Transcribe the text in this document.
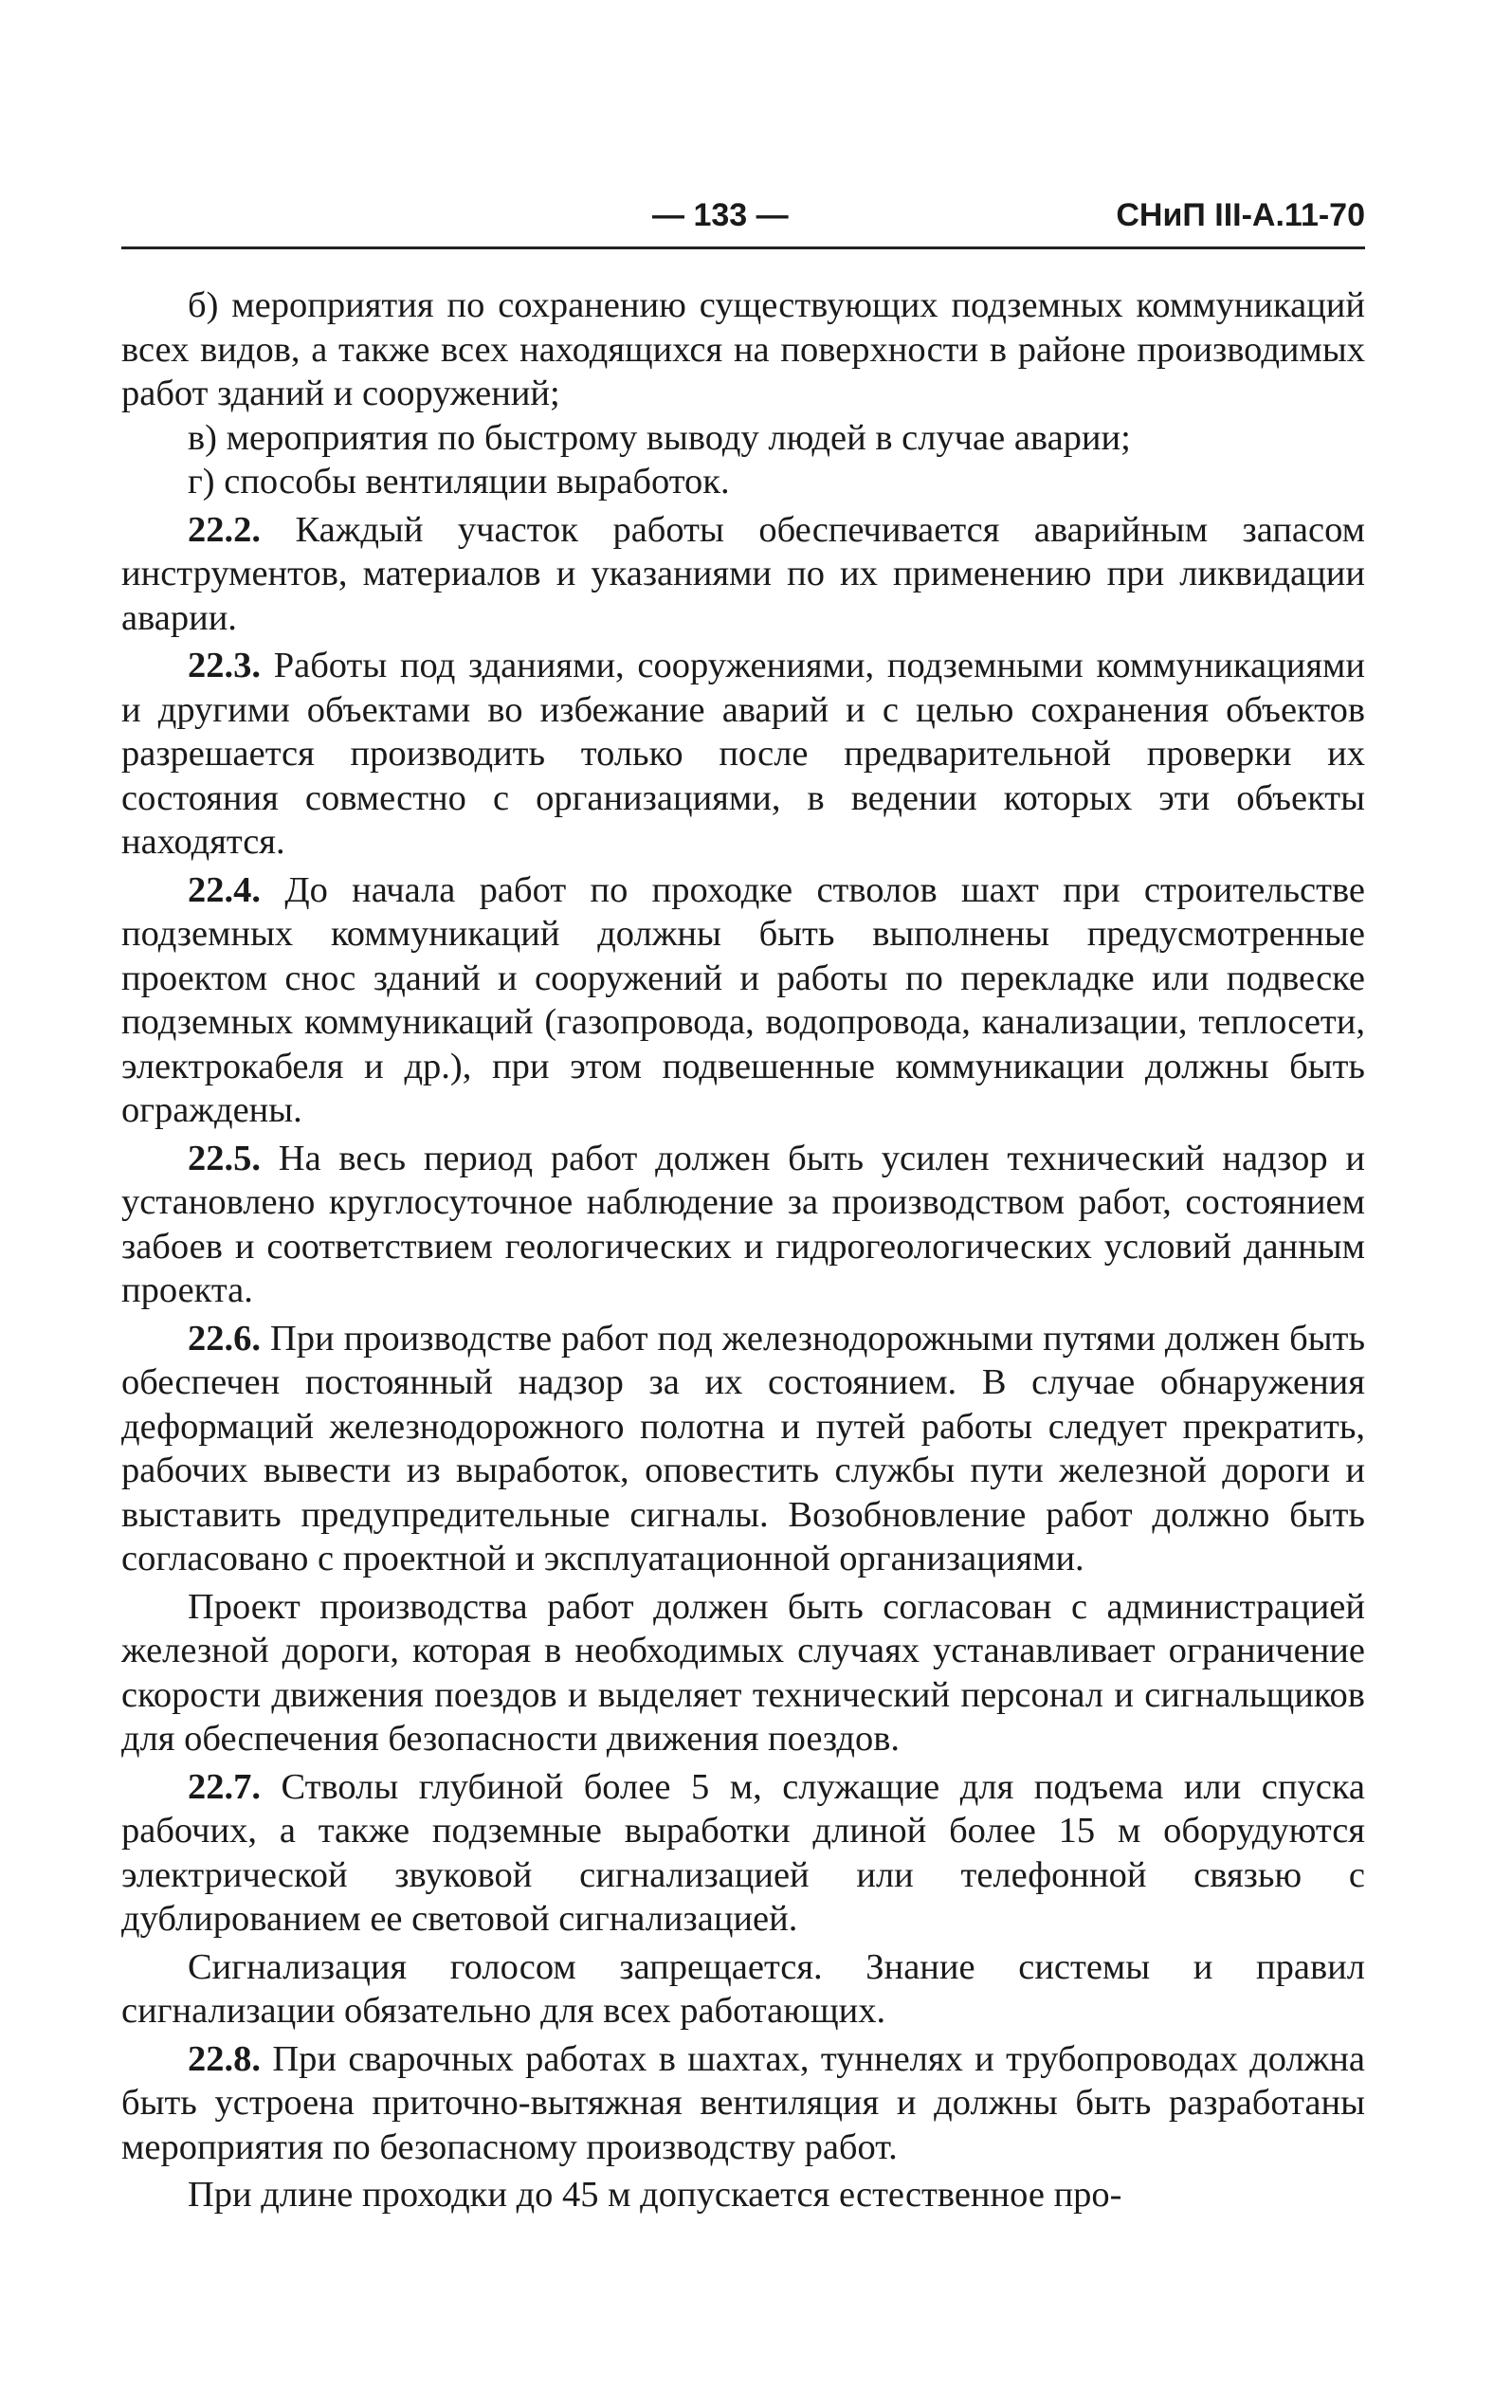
— 133 —	СНиП III-А.11-70

б) мероприятия по сохранению существующих подземных коммуникаций всех видов, а также всех находящихся на поверхности в районе производимых работ зданий и сооружений;

в) мероприятия по быстрому выводу людей в случае аварии;

г) способы вентиляции выработок.

22.2. Каждый участок работы обеспечивается аварийным запасом инструментов, материалов и указаниями по их применению при ликвидации аварии.

22.3. Работы под зданиями, сооружениями, подземными коммуникациями и другими объектами во избежание аварий и с целью сохранения объектов разрешается производить только после предварительной проверки их состояния совместно с организациями, в ведении которых эти объекты находятся.

22.4. До начала работ по проходке стволов шахт при строительстве подземных коммуникаций должны быть выполнены предусмотренные проектом снос зданий и сооружений и работы по перекладке или подвеске подземных коммуникаций (газопровода, водопровода, канализации, теплосети, электрокабеля и др.), при этом подвешенные коммуникации должны быть ограждены.

22.5. На весь период работ должен быть усилен технический надзор и установлено круглосуточное наблюдение за производством работ, состоянием забоев и соответствием геологических и гидрогеологических условий данным проекта.

22.6. При производстве работ под железнодорожными путями должен быть обеспечен постоянный надзор за их состоянием. В случае обнаружения деформаций железнодорожного полотна и путей работы следует прекратить, рабочих вывести из выработок, оповестить службы пути железной дороги и выставить предупредительные сигналы. Возобновление работ должно быть согласовано с проектной и эксплуатационной организациями.

Проект производства работ должен быть согласован с администрацией железной дороги, которая в необходимых случаях устанавливает ограничение скорости движения поездов и выделяет технический персонал и сигнальщиков для обеспечения безопасности движения поездов.

22.7. Стволы глубиной более 5 м, служащие для подъема или спуска рабочих, а также подземные выработки длиной более 15 м оборудуются электрической звуковой сигнализацией или телефонной связью с дублированием ее световой сигнализацией.

Сигнализация голосом запрещается. Знание системы и правил сигнализации обязательно для всех работающих.

22.8. При сварочных работах в шахтах, туннелях и трубопроводах должна быть устроена приточно-вытяжная вентиляция и должны быть разработаны мероприятия по безопасному производству работ.

При длине проходки до 45 м допускается естественное про-
